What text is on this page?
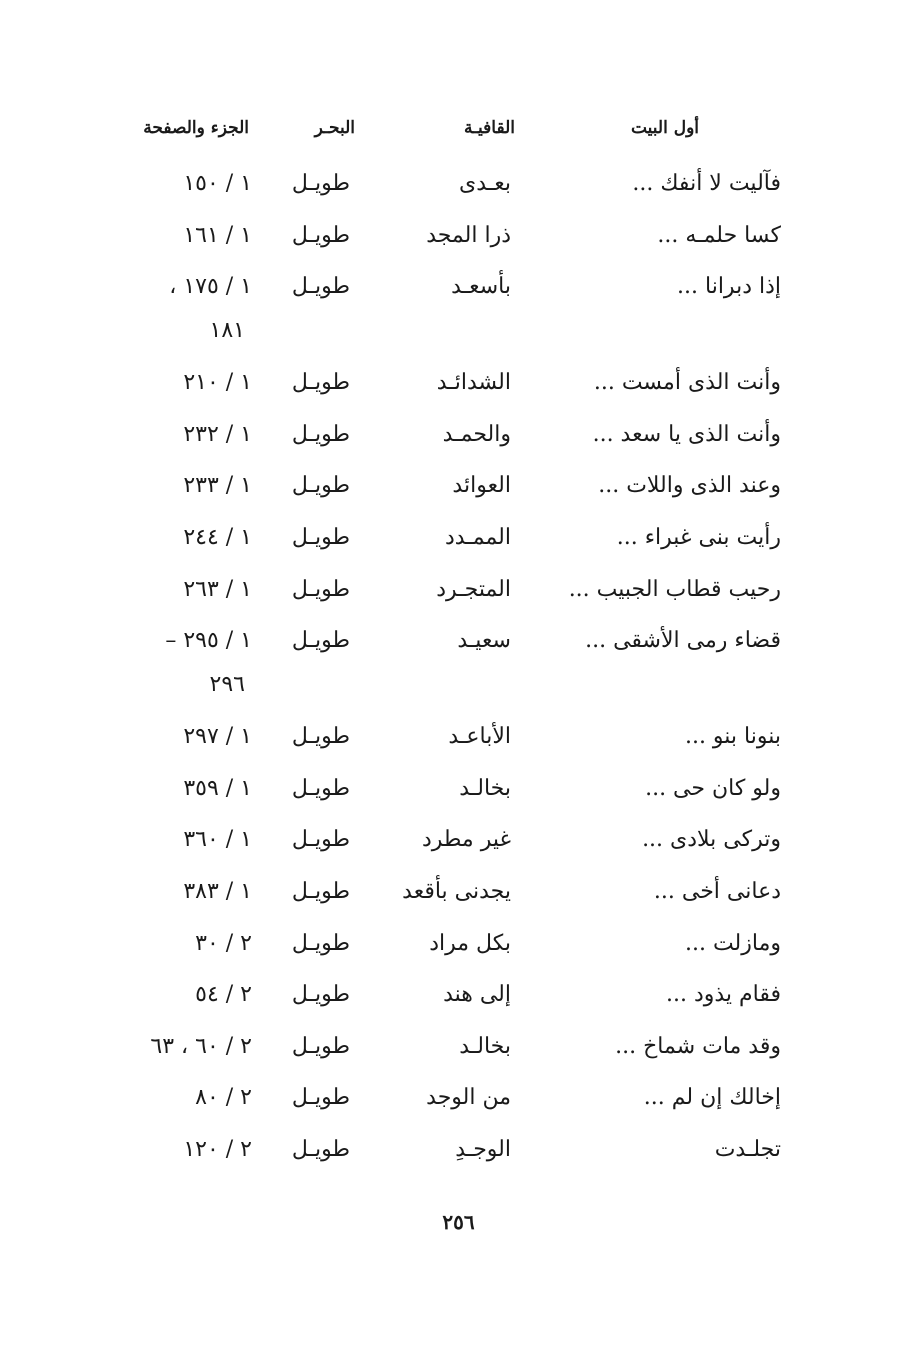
أول البيت
القافيـة
البحـر
الجزء والصفحة
فآليت لا أنفك ...
بعـدى
طويـل
١ / ١٥٠
كسا حلمـه ...
ذرا المجد
طويـل
١ / ١٦١
إذا دبرانا ...
بأسعـد
طويـل
١ / ١٧٥ ،
١٨١
وأنت الذى أمست ...
الشدائـد
طويـل
١ / ٢١٠
وأنت الذى يا سعد ...
والحمـد
طويـل
١ / ٢٣٢
وعند الذى واللات ...
العوائد
طويـل
١ / ٢٣٣
رأيت بنى غبراء ...
الممـدد
طويـل
١ / ٢٤٤
رحيب قطاب الجبيب ...
المتجـرد
طويـل
١ / ٢٦٣
قضاء رمى الأشقى ...
سعيـد
طويـل
١ / ٢٩٥ –
٢٩٦
بنونا بنو ...
الأباعـد
طويـل
١ / ٢٩٧
ولو كان حى ...
بخالـد
طويـل
١ / ٣٥٩
وتركى بلادى ...
غير مطرد
طويـل
١ / ٣٦٠
دعانى أخى ...
يجدنى بأقعد
طويـل
١ / ٣٨٣
ومازلت ...
بكل مراد
طويـل
٢ / ٣٠
فقام يذود ...
إلى هند
طويـل
٢ / ٥٤
وقد مات شماخ ...
بخالـد
طويـل
٢ / ٦٠ ، ٦٣
إخالك إن لم ...
من الوجد
طويـل
٢ / ٨٠
تجلـدت
الوجـدِ
طويـل
٢ / ١٢٠
٢٥٦
